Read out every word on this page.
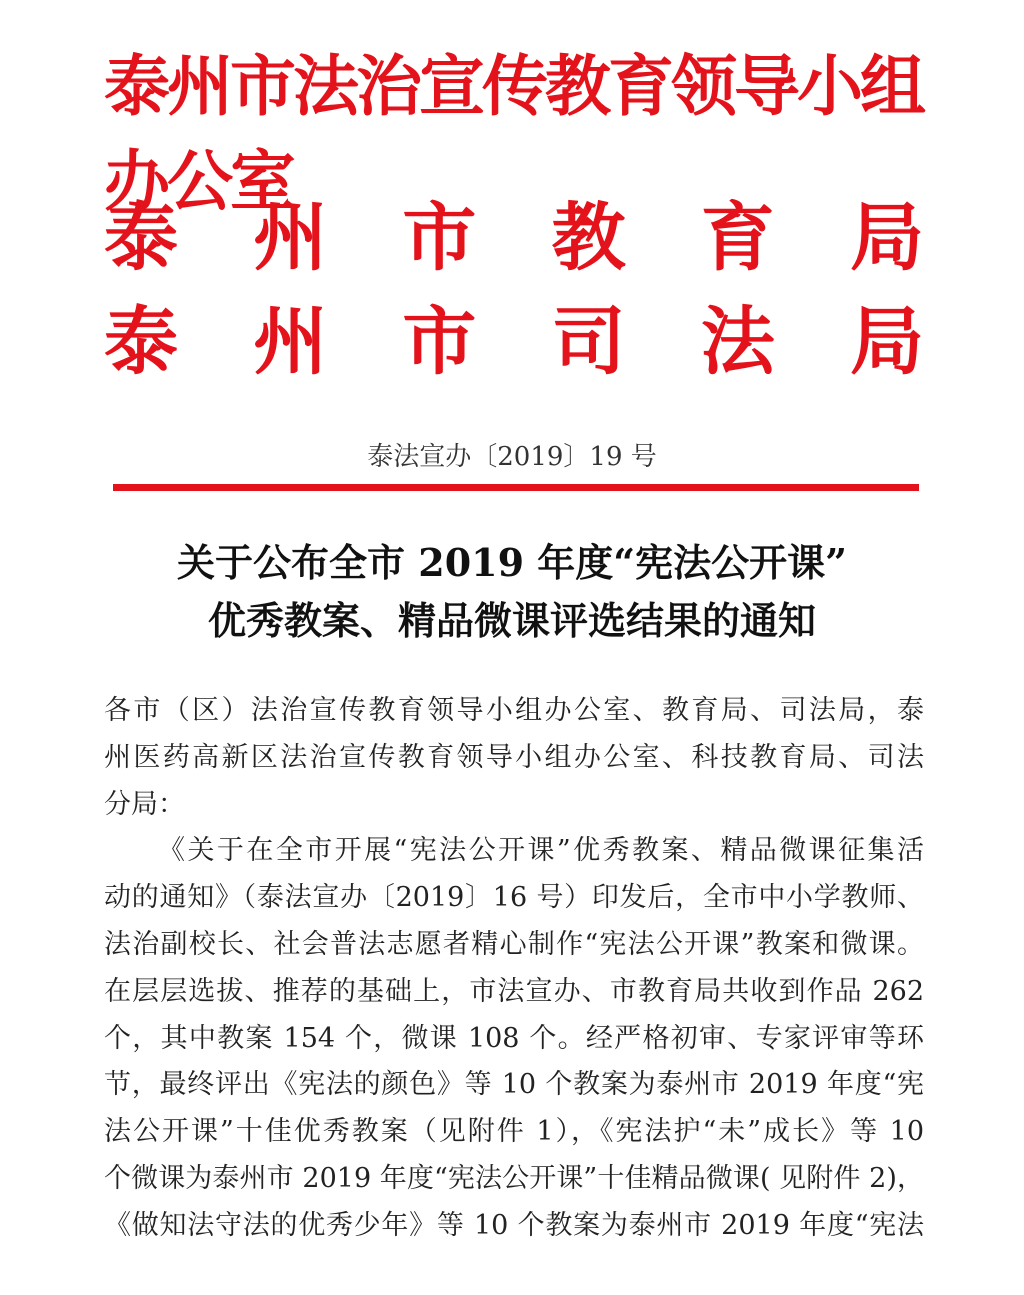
泰州市法治宣传教育领导小组办公室
泰 州 市 教 育 局
泰 州 市 司 法 局
泰法宣办〔2019〕19 号
关于公布全市 2019 年度“宪法公开课”
优秀教案、精品微课评选结果的通知
各市（区）法治宣传教育领导小组办公室、教育局、司法局，泰
州医药高新区法治宣传教育领导小组办公室、科技教育局、司法
分局：
《关于在全市开展“宪法公开课”优秀教案、精品微课征集活
动的通知》（泰法宣办〔2019〕16 号）印发后，全市中小学教师、
法治副校长、社会普法志愿者精心制作“宪法公开课”教案和微课。
在层层选拔、推荐的基础上，市法宣办、市教育局共收到作品 262
个，其中教案 154 个，微课 108 个。经严格初审、专家评审等环
节，最终评出《宪法的颜色》等 10 个教案为泰州市 2019 年度“宪
法公开课”十佳优秀教案（见附件 1），《宪法护“未”成长》等 10
个微课为泰州市 2019 年度“宪法公开课”十佳精品微课( 见附件 2)，
《做知法守法的优秀少年》等 10 个教案为泰州市 2019 年度“宪法
